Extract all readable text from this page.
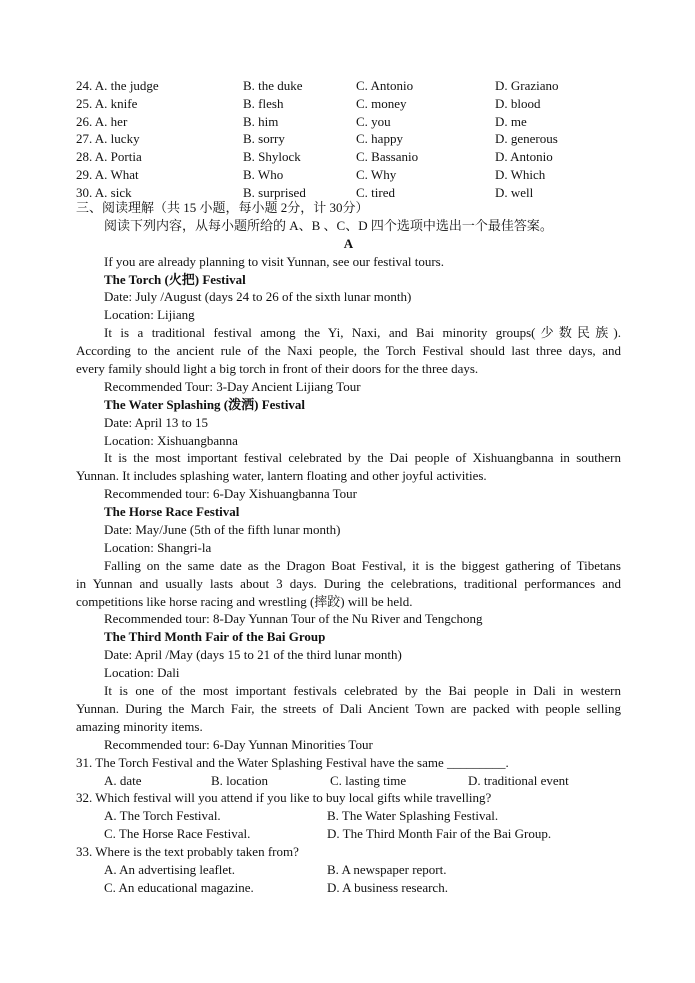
24. A. the judge	B. the duke	C. Antonio	D. Graziano
25. A. knife	B. flesh	C. money	D. blood
26. A. her	B. him	C. you	D. me
27. A. lucky	B. sorry	C. happy	D. generous
28. A. Portia	B. Shylock	C. Bassanio	D. Antonio
29. A. What	B. Who	C. Why	D. Which
30. A. sick	B. surprised	C. tired	D. well
三、阅读理解（共 15 小题，每小题 2分，计 30分）
阅读下列内容，从每小题所给的 A、B 、C、D 四个选项中选出一个最佳答案。
A
If you are already planning to visit Yunnan, see our festival tours.
The Torch (火把) Festival
Date: July /August (days 24 to 26 of the sixth lunar month)
Location: Lijiang
It is a traditional festival among the Yi, Naxi, and Bai minority groups(少数民族).
According to the ancient rule of the Naxi people, the Torch Festival should last three days, and
every family should light a big torch in front of their doors for the three days.
Recommended Tour: 3-Day Ancient Lijiang Tour
The Water Splashing (泼洒) Festival
Date: April 13 to 15
Location: Xishuangbanna
It is the most important festival celebrated by the Dai people of Xishuangbanna in southern
Yunnan. It includes splashing water, lantern floating and other joyful activities.
Recommended tour: 6-Day Xishuangbanna Tour
The Horse Race Festival
Date: May/June (5th of the fifth lunar month)
Location: Shangri-la
Falling on the same date as the Dragon Boat Festival, it is the biggest gathering of Tibetans
in Yunnan and usually lasts about 3 days. During the celebrations, traditional performances and
competitions like horse racing and wrestling (摔跤) will be held.
Recommended tour: 8-Day Yunnan Tour of the Nu River and Tengchong
The Third Month Fair of the Bai Group
Date: April /May (days 15 to 21 of the third lunar month)
Location: Dali
It is one of the most important festivals celebrated by the Bai people in Dali in western
Yunnan. During the March Fair, the streets of Dali Ancient Town are packed with people selling
amazing minority items.
Recommended tour: 6-Day Yunnan Minorities Tour
31. The Torch Festival and the Water Splashing Festival have the same _________.
A. date	B. location	C. lasting time	D. traditional event
32. Which festival will you attend if you like to buy local gifts while travelling?
A. The Torch Festival.	B. The Water Splashing Festival.
C. The Horse Race Festival.	D. The Third Month Fair of the Bai Group.
33. Where is the text probably taken from?
A. An advertising leaflet.	B. A newspaper report.
C. An educational magazine.	D. A business research.
